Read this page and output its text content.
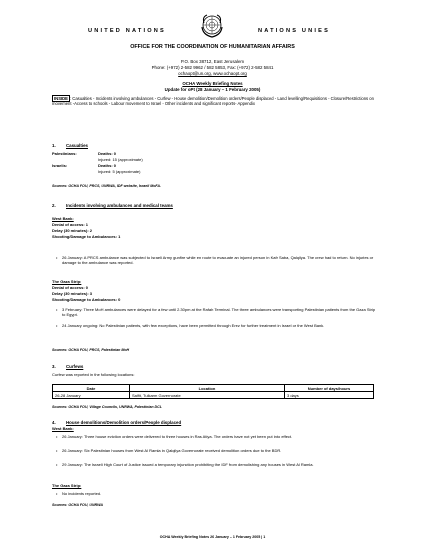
UNITED NATIONS	NATIONS UNIES
OFFICE FOR THE COORDINATION OF HUMANITARIAN AFFAIRS
P.O. Box 38712, East Jerusalem
Phone: (+972) 2-582 9962 / 582 5853, Fax: (+972) 2-582 5841
ochaopt@un.org, www.ochaopt.org
OCHA Weekly Briefing Notes
Update for oPt (28 January – 1 February 2005)
INSIDE : Casualties - Incidents involving ambulances - Curfew - House demolition/Demolition orders/People displaced - Land levelling/Requisitions - Closure/Restrictions on movement -Access to schools - Labour movement to Israel - Other incidents and significant reports- Appendix
1. Casualties
Palestinians:	Deaths: 0
Injured: 15 (approximate)
Israelis:	Deaths: 0
Injured: 5 (approximate)
Sources: OCHA FOU, PRCS, UNRWA, IDF website, Israeli MoFA.
2. Incidents involving ambulances and medical teams
West Bank:
Denial of access: 1
Delay (30 minutes): 2
Shooting/Damage to Ambulances: 1
• 26 January: A PRCS ambulance was subjected to Israeli Army gunfire while en route to evacuate an injured person in Kafr Saba, Qalqilya. The crew had to return. No injuries or damage to the ambulance was reported.
The Gaza Strip:
Denial of access: 0
Delay (30 minutes): 3
Shooting/Damage to Ambulances: 0
• 3 February: Three MoH ambulances were delayed for a few until 2.30pm at the Rafah Terminal. The three ambulances were transporting Palestinian patients from the Gaza Strip to Egypt.
• 24 January ongoing: No Palestinian patients, with few exceptions, have been permitted through Erez for further treatment in Israel or the West Bank.
Sources: OCHA FOU, PRCS, Palestinian MoH
3. Curfews
Curfew was reported in the following locations:
Date	Location	Number of days/hours
26-28 January	Salfit, Tulkarm Governorate	3 days
Sources: OCHA FOU, Village Councils, UNRWA, Palestinian DCL
4. House demolitions/Demolition orders/People displaced
West Bank:
• 26 January: Three house eviction orders were delivered to three houses in Ras Atiya. The orders have not yet been put into effect.
• 26 January: Six Palestinian houses from West Al Ramla in Qalqilya Governorate received demolition orders due to the BDR.
• 29 January: The Israeli High Court of Justice issued a temporary injunction prohibiting the IDF from demolishing any houses in West Al Ramla.
The Gaza Strip:
• No incidents reported.
Sources: OCHA FOU, UNRWA
OCHA Weekly Briefing Notes 26 January – 1 February 2005 | 1
